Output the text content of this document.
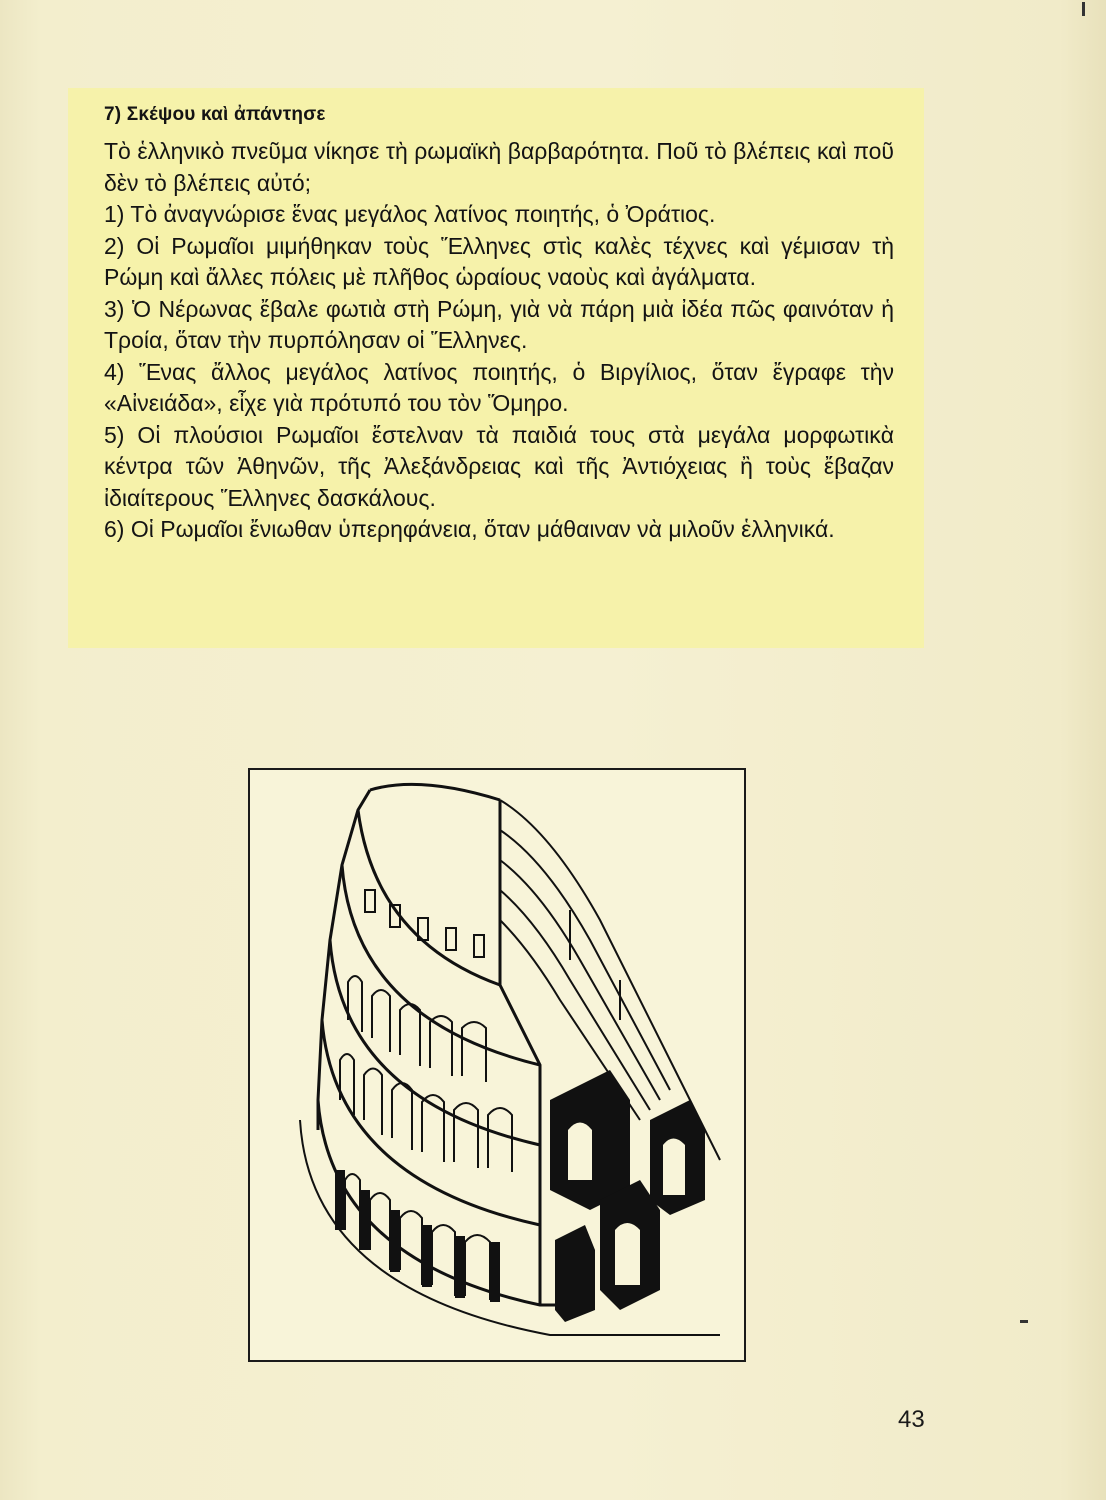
7) Σκέψου καὶ ἀπάντησε

Τὸ ἑλληνικὸ πνεῦμα νίκησε τὴ ρωμαϊκὴ βαρβαρότητα. Ποῦ τὸ βλέπεις καὶ ποῦ δὲν τὸ βλέπεις αὐτό;
1) Τὸ ἀναγνώρισε ἕνας μεγάλος λατίνος ποιητής, ὁ Ὀράτιος.
2) Οἱ Ρωμαῖοι μιμήθηκαν τοὺς Ἕλληνες στὶς καλὲς τέχνες καὶ γέμισαν τὴ Ρώμη καὶ ἄλλες πόλεις μὲ πλῆθος ὡραίους ναοὺς καὶ ἀγάλματα.
3) Ὁ Νέρωνας ἔβαλε φωτιὰ στὴ Ρώμη, γιὰ νὰ πάρη μιὰ ἰδέα πῶς φαινόταν ἡ Τροία, ὅταν τὴν πυρπόλησαν οἱ Ἕλληνες.
4) Ἕνας ἄλλος μεγάλος λατίνος ποιητής, ὁ Βιργίλιος, ὅταν ἔγραφε τὴν «Αἰνειάδα», εἶχε γιὰ πρότυπό του τὸν Ὅμηρο.
5) Οἱ πλούσιοι Ρωμαῖοι ἔστελναν τὰ παιδιά τους στὰ μεγάλα μορφωτικὰ κέντρα τῶν Ἀθηνῶν, τῆς Ἀλεξάνδρειας καὶ τῆς Ἀντιόχειας ἢ τοὺς ἔβαζαν ἰδιαίτερους Ἕλληνες δασκάλους.
6) Οἱ Ρωμαῖοι ἔνιωθαν ὑπερηφάνεια, ὅταν μάθαιναν νὰ μιλοῦν ἑλληνικά.

43
